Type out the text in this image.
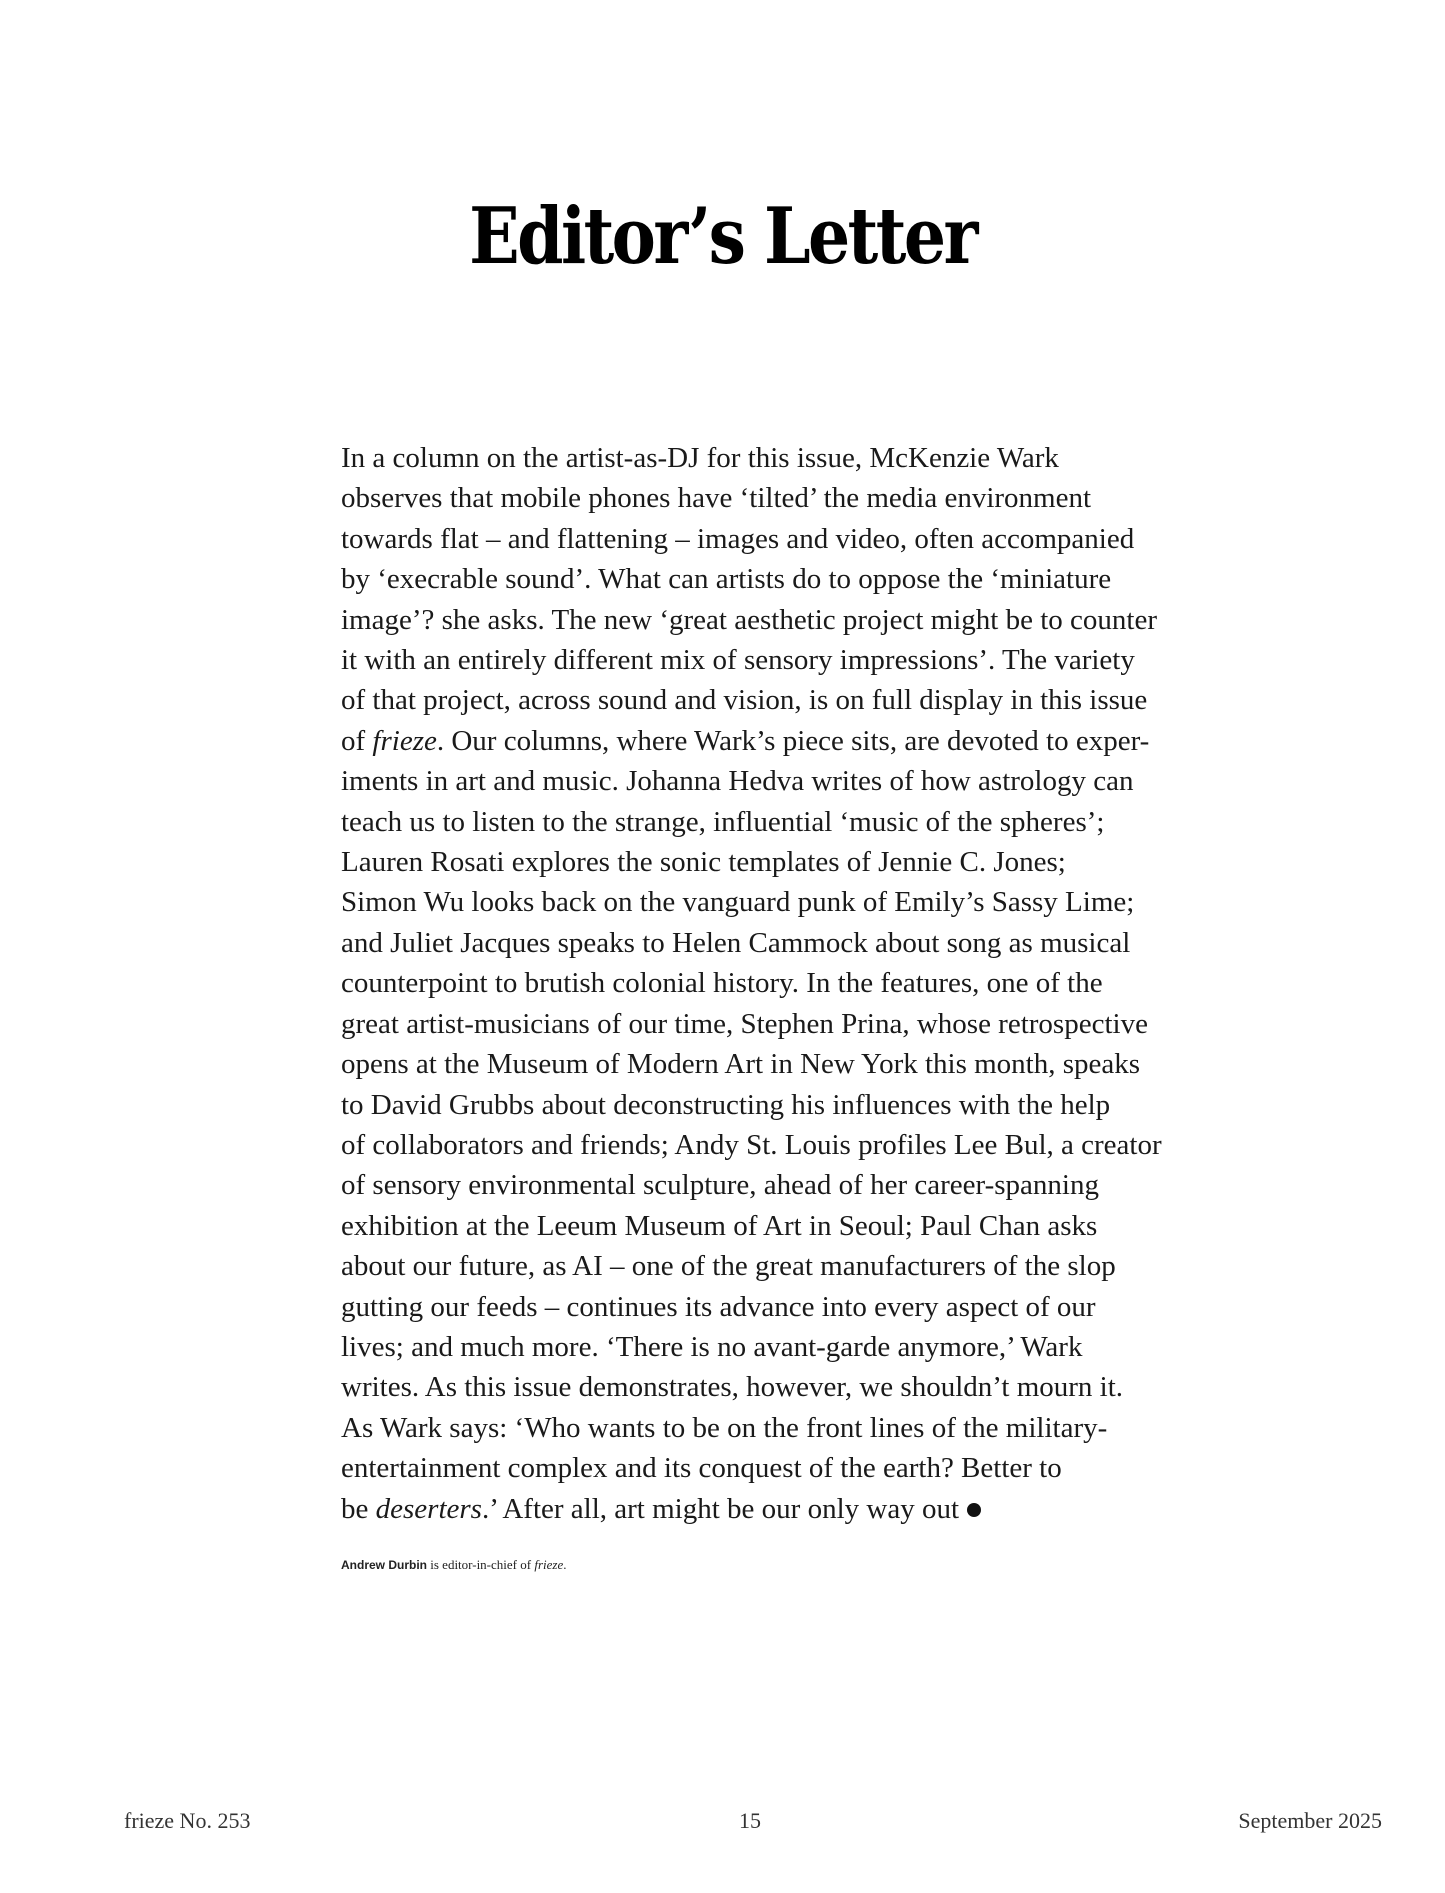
Editor’s Letter
In a column on the artist-as-DJ for this issue, McKenzie Wark
observes that mobile phones have ‘tilted’ the media environment
towards flat – and flattening – images and video, often accompanied
by ‘execrable sound’. What can artists do to oppose the ‘miniature
image’? she asks. The new ‘great aesthetic project might be to counter
it with an entirely different mix of sensory impressions’. The variety
of that project, across sound and vision, is on full display in this issue
of frieze. Our columns, where Wark’s piece sits, are devoted to exper-
iments in art and music. Johanna Hedva writes of how astrology can
teach us to listen to the strange, influential ‘music of the spheres’;
Lauren Rosati explores the sonic templates of Jennie C. Jones;
Simon Wu looks back on the vanguard punk of Emily’s Sassy Lime;
and Juliet Jacques speaks to Helen Cammock about song as musical
counterpoint to brutish colonial history. In the features, one of the
great artist-musicians of our time, Stephen Prina, whose retrospective
opens at the Museum of Modern Art in New York this month, speaks
to David Grubbs about deconstructing his influences with the help
of collaborators and friends; Andy St. Louis profiles Lee Bul, a creator
of sensory environmental sculpture, ahead of her career-spanning
exhibition at the Leeum Museum of Art in Seoul; Paul Chan asks
about our future, as AI – one of the great manufacturers of the slop
gutting our feeds – continues its advance into every aspect of our
lives; and much more. ‘There is no avant-garde anymore,’ Wark
writes. As this issue demonstrates, however, we shouldn’t mourn it.
As Wark says: ‘Who wants to be on the front lines of the military-
entertainment complex and its conquest of the earth? Better to
be deserters.’ After all, art might be our only way out

Andrew Durbin is editor-in-chief of frieze.

frieze No. 253	15	September 2025
